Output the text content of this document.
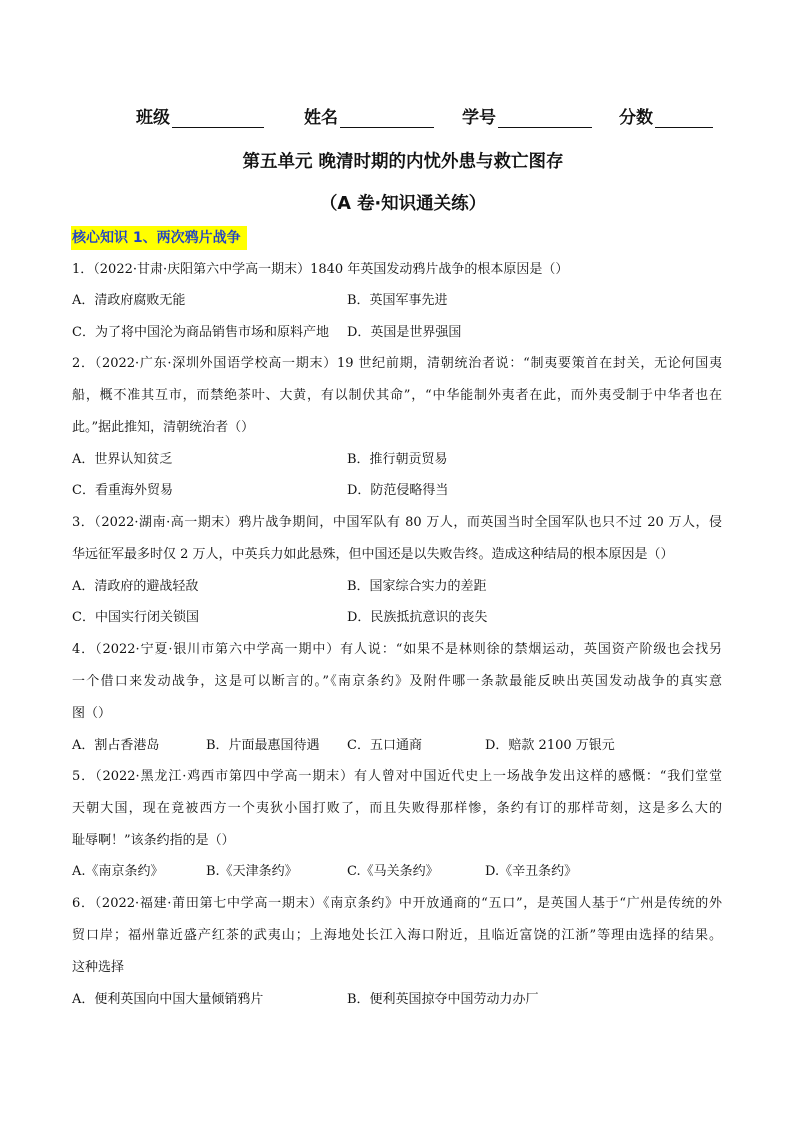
班级	姓名	学号	分数
第五单元 晚清时期的内忧外患与救亡图存
（A 卷·知识通关练）
核心知识 1、两次鸦片战争
1．（2022·甘肃·庆阳第六中学高一期末）1840 年英国发动鸦片战争的根本原因是（）
A．清政府腐败无能	B．英国军事先进
C．为了将中国沦为商品销售市场和原料产地 D．英国是世界强国
2．（2022·广东·深圳外国语学校高一期末）19 世纪前期，清朝统治者说：“制夷要策首在封关，无论何国夷
船，概不准其互市，而禁绝茶叶、大黄，有以制伏其命”，“中华能制外夷者在此，而外夷受制于中华者也在
此。”据此推知，清朝统治者（）
A．世界认知贫乏	B．推行朝贡贸易
C．看重海外贸易	D．防范侵略得当
3．（2022·湖南·高一期末）鸦片战争期间，中国军队有 80 万人，而英国当时全国军队也只不过 20 万人，侵
华远征军最多时仅 2 万人，中英兵力如此悬殊，但中国还是以失败告终。造成这种结局的根本原因是（）
A．清政府的避战轻敌	B．国家综合实力的差距
C．中国实行闭关锁国	D．民族抵抗意识的丧失
4．（2022·宁夏·银川市第六中学高一期中）有人说：“如果不是林则徐的禁烟运动，英国资产阶级也会找另
一个借口来发动战争，这是可以断言的。”《南京条约》及附件哪一条款最能反映出英国发动战争的真实意
图（）
A．割占香港岛	B．片面最惠国待遇 C．五口通商	D．赔款 2100 万银元
5．（2022·黑龙江·鸡西市第四中学高一期末）有人曾对中国近代史上一场战争发出这样的感慨：“我们堂堂
天朝大国，现在竟被西方一个夷狄小国打败了，而且失败得那样惨，条约有订的那样苛刻，这是多么大的
耻辱啊！”该条约指的是（）
A.《南京条约》	B.《天津条约》	C.《马关条约》	D.《辛丑条约》
6．（2022·福建·莆田第七中学高一期末）《南京条约》中开放通商的“五口”，是英国人基于“广州是传统的外
贸口岸；福州靠近盛产红茶的武夷山；上海地处长江入海口附近，且临近富饶的江浙”等理由选择的结果。
这种选择
A．便利英国向中国大量倾销鸦片	B．便利英国掠夺中国劳动力办厂
